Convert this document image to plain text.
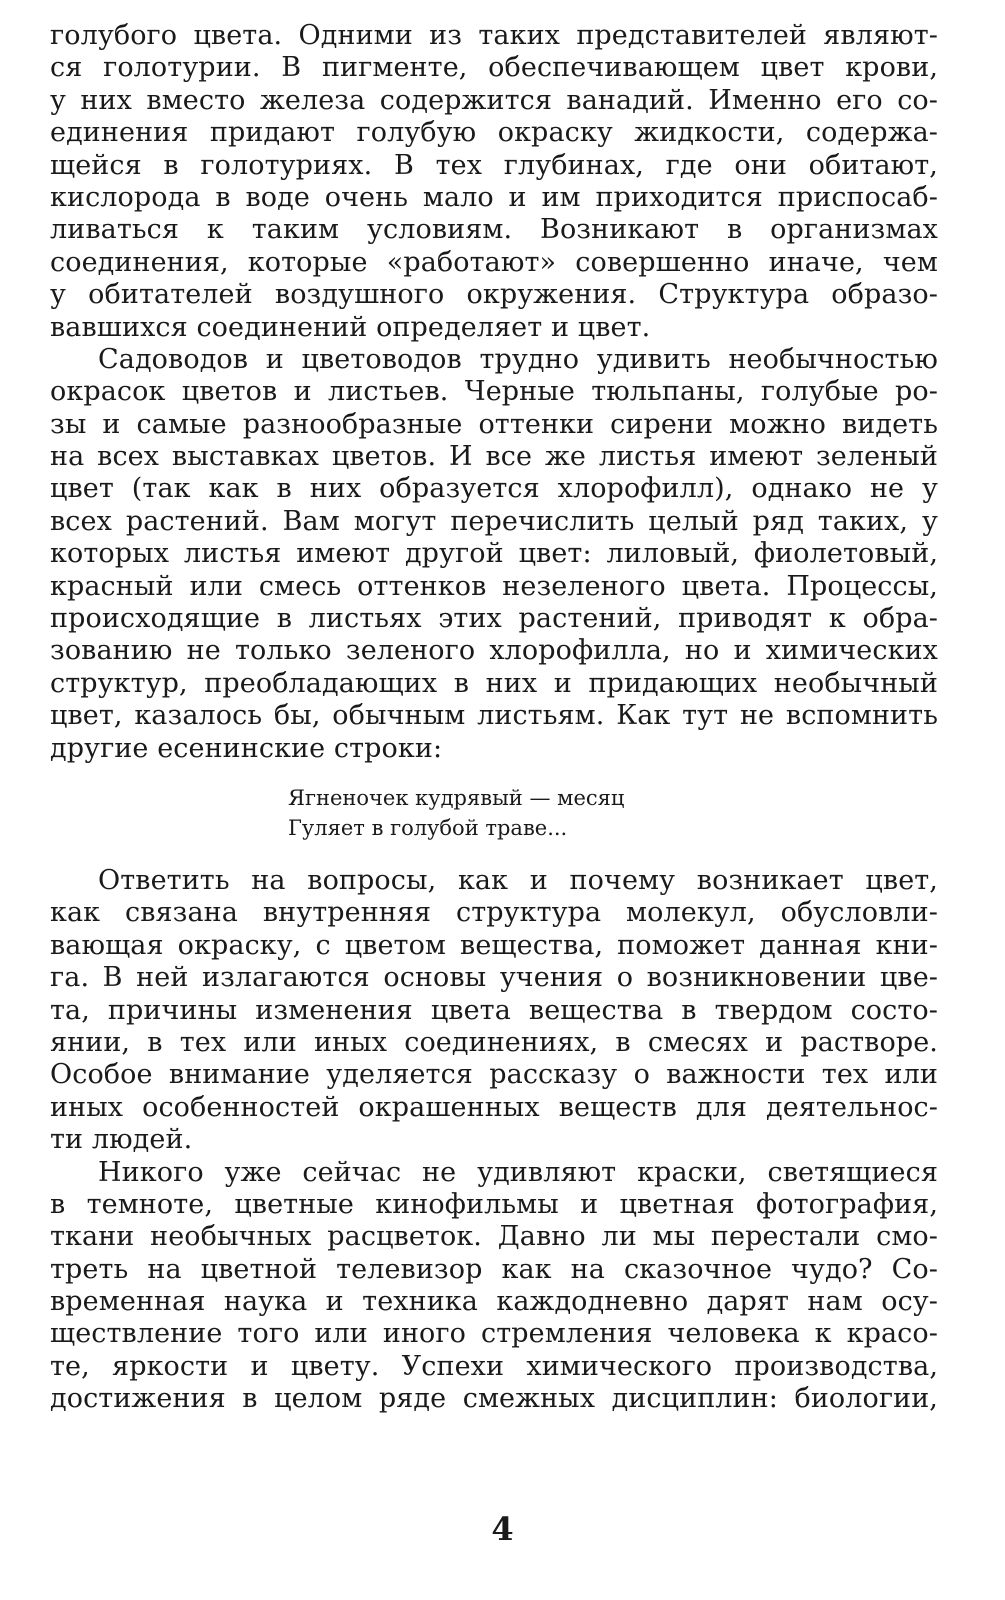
голубого цвета. Одними из таких представителей являют-
ся голотурии. В пигменте, обеспечивающем цвет крови,
у них вместо железа содержится ванадий. Именно его со-
единения придают голубую окраску жидкости, содержа-
щейся в голотуриях. В тех глубинах, где они обитают,
кислорода в воде очень мало и им приходится приспосаб-
ливаться к таким условиям. Возникают в организмах
соединения, которые «работают» совершенно иначе, чем
у обитателей воздушного окружения. Структура образо-
вавшихся соединений определяет и цвет.
Садоводов и цветоводов трудно удивить необычностью
окрасок цветов и листьев. Черные тюльпаны, голубые ро-
зы и самые разнообразные оттенки сирени можно видеть
на всех выставках цветов. И все же листья имеют зеленый
цвет (так как в них образуется хлорофилл), однако не у
всех растений. Вам могут перечислить целый ряд таких, у
которых листья имеют другой цвет: лиловый, фиолетовый,
красный или смесь оттенков незеленого цвета. Процессы,
происходящие в листьях этих растений, приводят к обра-
зованию не только зеленого хлорофилла, но и химических
структур, преобладающих в них и придающих необычный
цвет, казалось бы, обычным листьям. Как тут не вспомнить
другие есенинские строки:
Ягненочек кудрявый — месяц
Гуляет в голубой траве...
Ответить на вопросы, как и почему возникает цвет,
как связана внутренняя структура молекул, обусловли-
вающая окраску, с цветом вещества, поможет данная кни-
га. В ней излагаются основы учения о возникновении цве-
та, причины изменения цвета вещества в твердом состо-
янии, в тех или иных соединениях, в смесях и растворе.
Особое внимание уделяется рассказу о важности тех или
иных особенностей окрашенных веществ для деятельнос-
ти людей.
Никого уже сейчас не удивляют краски, светящиеся
в темноте, цветные кинофильмы и цветная фотография,
ткани необычных расцветок. Давно ли мы перестали смо-
треть на цветной телевизор как на сказочное чудо? Со-
временная наука и техника каждодневно дарят нам осу-
ществление того или иного стремления человека к красо-
те, яркости и цвету. Успехи химического производства,
достижения в целом ряде смежных дисциплин: биологии,
4
